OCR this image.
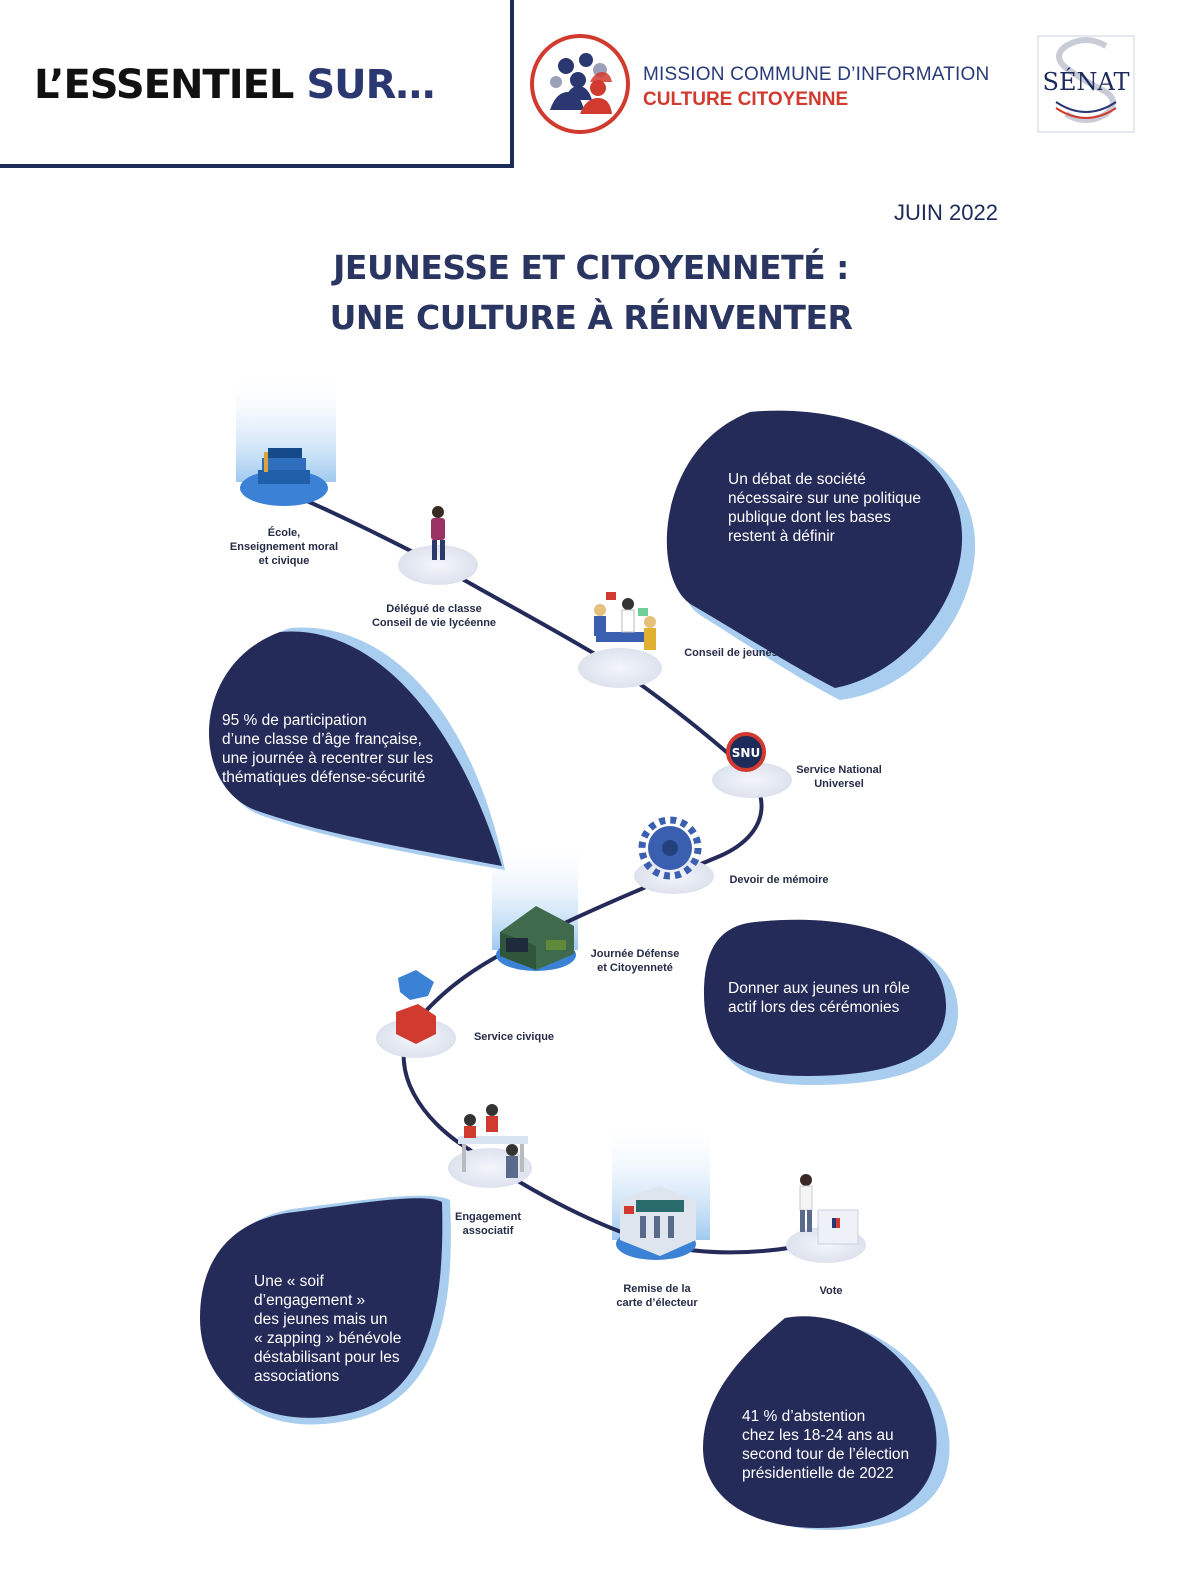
L’ESSENTIEL SUR…	MISSION COMMUNE D’INFORMATION
CULTURE CITOYENNE
SÉNAT
JUIN 2022
JEUNESSE ET CITOYENNETÉ :
UNE CULTURE À RÉINVENTER
SNU
École,
Enseignement moral
et civique
Délégué de classe
Conseil de vie lycéenne
Conseil de jeunes
Service National
Universel
Devoir de mémoire
Journée Défense
et Citoyenneté
Service civique
Engagement
associatif
Remise de la
carte d’électeur
Vote
Un débat de société
nécessaire sur une politique
publique dont les bases
restent à définir
95 % de participation
d’une classe d’âge française,
une journée à recentrer sur les
thématiques défense-sécurité
Donner aux jeunes un rôle
actif lors des cérémonies
Une « soif
d’engagement »
des jeunes mais un
« zapping » bénévole
déstabilisant pour les
associations
41 % d’abstention
chez les 18-24 ans au
second tour de l’élection
présidentielle de 2022
